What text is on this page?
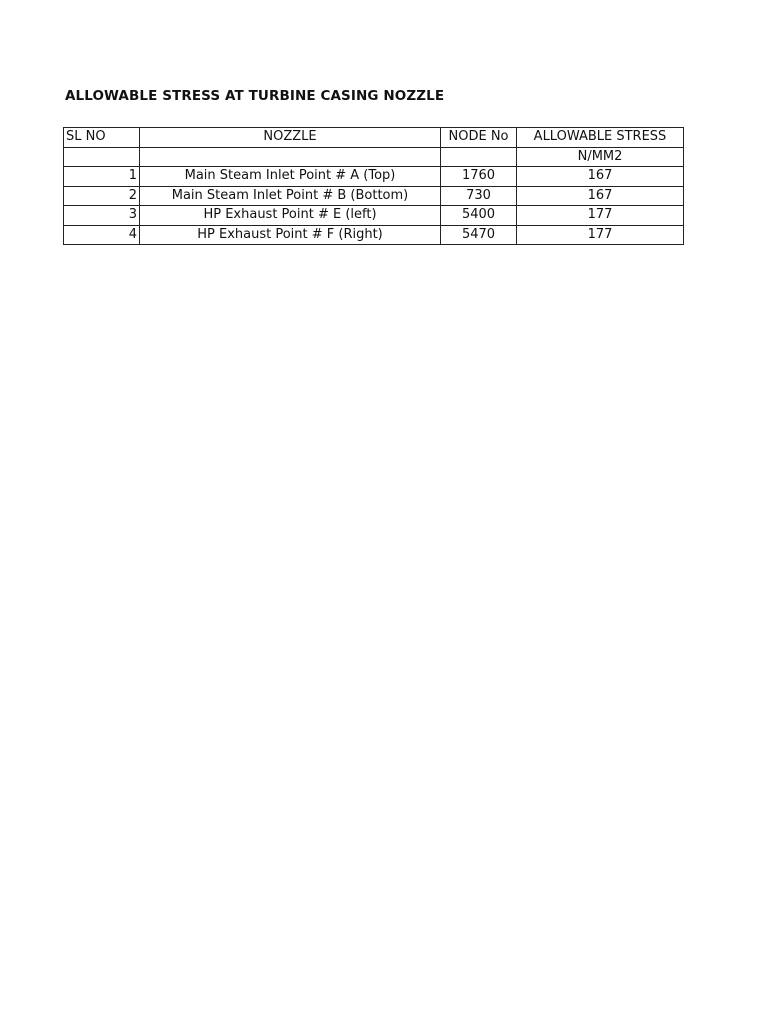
ALLOWABLE STRESS AT TURBINE CASING NOZZLE
SL NO	NOZZLE	NODE No	ALLOWABLE STRESS
			N/MM2
1	Main Steam Inlet Point # A (Top)	1760	167
2	Main Steam Inlet Point # B (Bottom)	730	167
3	HP Exhaust Point # E (left)	5400	177
4	HP Exhaust Point # F (Right)	5470	177
